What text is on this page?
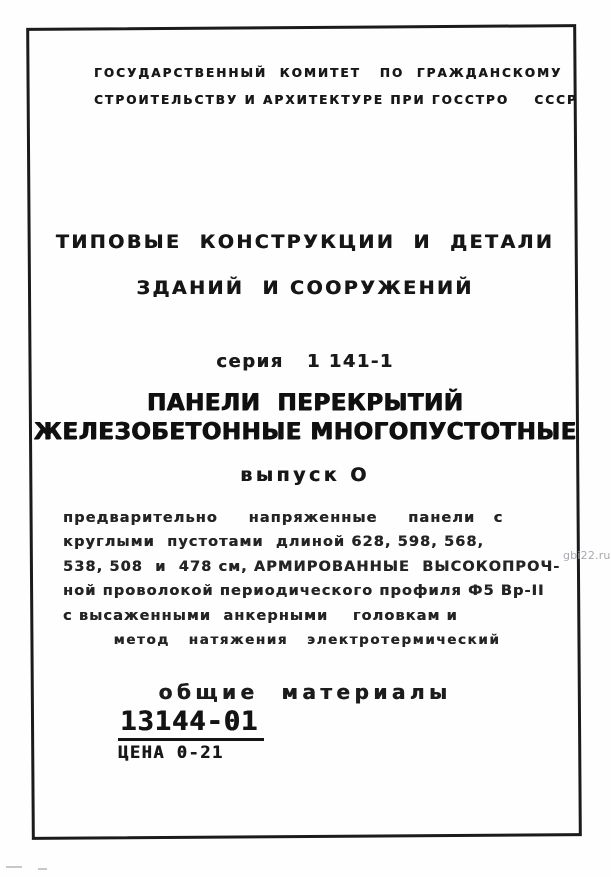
ГОСУДАРСТВЕННЫЙ  КОМИТЕТ   ПО  ГРАЖДАНСКОМУ
СТРОИТЕЛЬСТВУ И АРХИТЕКТУРЕ ПРИ ГОССТРО    СССР
ТИПОВЫЕ  КОНСТРУКЦИИ  И  ДЕТАЛИ
ЗДАНИЙ  И СООРУЖЕНИЙ
серия   1 141-1
ПАНЕЛИ  ПЕРЕКРЫТИЙ
ЖЕЛЕЗОБЕТОННЫЕ МНОГОПУСТОТНЫЕ
выпуск О
предварительно     напряженные     панели   с
круглыми  пустотами  длиной 628, 598, 568,
538, 508  и  478 см, АРМИРОВАННЫЕ  ВЫСОКОПРОЧ-
ной проволокой периодического профиля Ф5 Вр-II
с высаженными  анкерными    головкам и
метод   натяжения   электротермический
общие  материалы
13144-01
ЦЕНА 0-21
gbi22.ru
